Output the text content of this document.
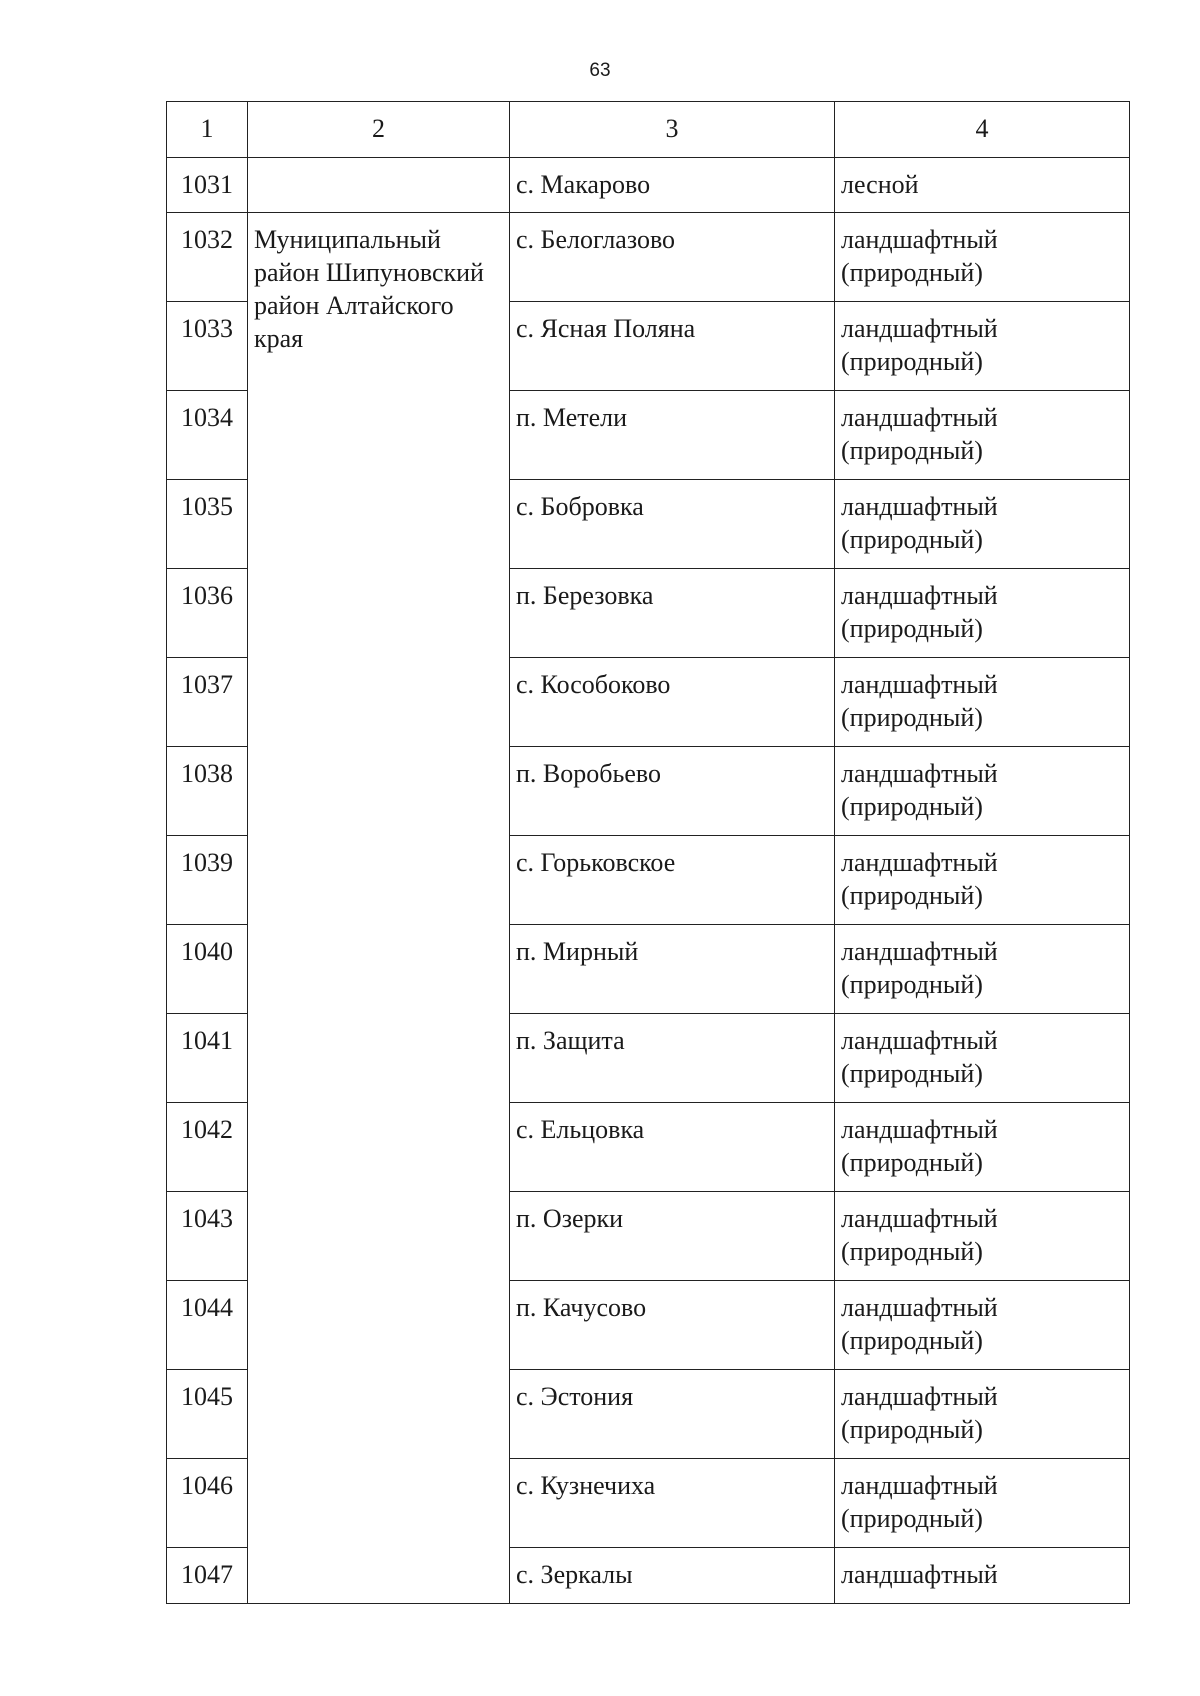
63
1	2	3	4
1031		с. Макарово	лесной
1032	Муниципальный район Шипуновский район Алтайского края	с. Белоглазово	ландшафтный (природный)
1033		с. Ясная Поляна	ландшафтный (природный)
1034		п. Метели	ландшафтный (природный)
1035		с. Бобровка	ландшафтный (природный)
1036		п. Березовка	ландшафтный (природный)
1037		с. Кособоково	ландшафтный (природный)
1038		п. Воробьево	ландшафтный (природный)
1039		с. Горьковское	ландшафтный (природный)
1040		п. Мирный	ландшафтный (природный)
1041		п. Защита	ландшафтный (природный)
1042		с. Ельцовка	ландшафтный (природный)
1043		п. Озерки	ландшафтный (природный)
1044		п. Качусово	ландшафтный (природный)
1045		с. Эстония	ландшафтный (природный)
1046		с. Кузнечиха	ландшафтный (природный)
1047		с. Зеркалы	ландшафтный
